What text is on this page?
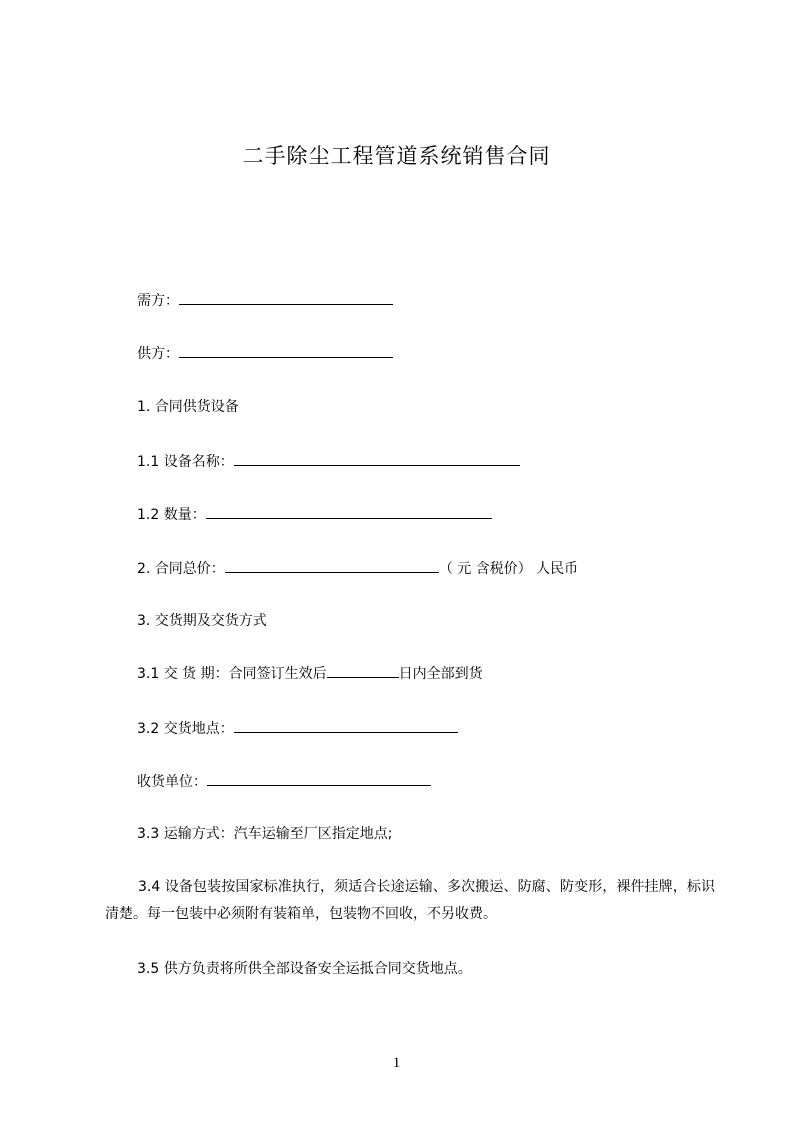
二手除尘工程管道系统销售合同
需方：
供方：
1. 合同供货设备
1.1 设备名称：
1.2 数量：
2. 合同总价：	（ 元 含税价） 人民币
3. 交货期及交货方式
3.1 交 货 期：合同签订生效后	日内全部到货
3.2 交货地点：
收货单位：
3.3 运输方式：汽车运输至厂区指定地点;
3.4 设备包装按国家标准执行，须适合长途运输、多次搬运、防腐、防变形，裸件挂牌，标识清楚。每一包装中必须附有装箱单，包装物不回收，不另收费。
3.5 供方负责将所供全部设备安全运抵合同交货地点。
1
